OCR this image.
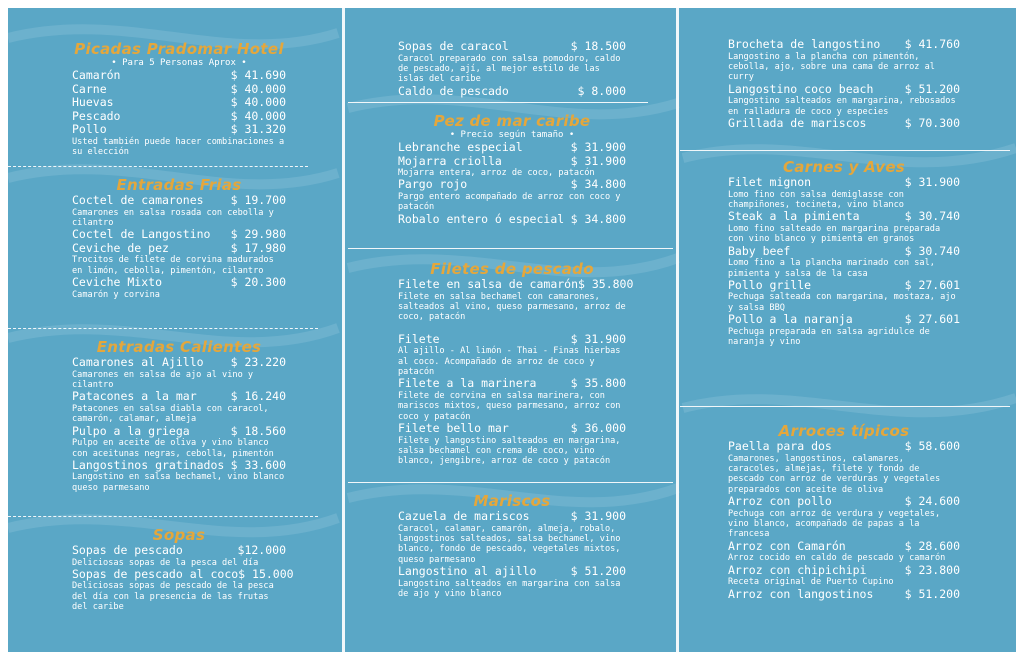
Picadas Pradomar Hotel
• Para 5 Personas Aprox •
Camarón	$ 41.690
Carne	$ 40.000
Huevas	$ 40.000
Pescado	$ 40.000
Pollo	$ 31.320
Usted también puede hacer combinaciones a su elección
Entradas Frias
Coctel de camarones $ 19.700
Camarones en salsa rosada con cebolla y cilantro
Coctel de Langostino $ 29.980
Ceviche de pez	$ 17.980
Trocitos de filete de corvina madurados en limón, cebolla, pimentón, cilantro
Ceviche Mixto	$ 20.300
Camarón y corvina
Entradas Calientes
Camarones al Ajillo $ 23.220
Camarones en salsa de ajo al vino y cilantro
Patacones a la mar	$ 16.240
Patacones en salsa diabla con caracol, camarón, calamar, almeja
Pulpo a la griega	$ 18.560
Pulpo en aceite de oliva y vino blanco con aceitunas negras, cebolla, pimentón
Langostinos gratinados $ 33.600
Langostino en salsa bechamel, vino blanco queso parmesano
Sopas
Sopas de pescado	$12.000
Deliciosas sopas de la pesca del día
Sopas de pescado al coco $ 15.000
Deliciosas sopas de pescado de la pesca del día con la presencia de las frutas del caribe
Sopas de caracol	$ 18.500
Caracol preparado con salsa pomodoro, caldo de pescado, ají, al mejor estilo de las islas del caribe
Caldo de pescado	$ 8.000
Pez de mar caribe
• Precio según tamaño •
Lebranche especial	$ 31.900
Mojarra criolla	$ 31.900
Mojarra entera, arroz de coco, patacón
Pargo rojo	$ 34.800
Pargo entero acompañado de arroz con coco y patacón
Robalo entero ó especial $ 34.800
Filetes de pescado
Filete en salsa de camarón $ 35.800
Filete en salsa bechamel con camarones, salteados al vino, queso parmesano, arroz de coco, patacón
Filete	$ 31.900
Al ajillo - Al limón - Thai - Finas hierbas al coco. Acompañado de arroz de coco y patacón
Filete a la marinera	$ 35.800
Filete de corvina en salsa marinera, con mariscos mixtos, queso parmesano, arroz con coco y patacón
Filete bello mar	$ 36.000
Filete y langostino salteados en margarina, salsa bechamel con crema de coco, vino blanco, jengibre, arroz de coco y patacón
Mariscos
Cazuela de mariscos	$ 31.900
Caracol, calamar, camarón, almeja, robalo, langostinos salteados, salsa bechamel, vino blanco, fondo de pescado, vegetales mixtos, queso parmesano
Langostino al ajillo	$ 51.200
Langostino salteados en margarina con salsa de ajo y vino blanco
Brocheta de langostino $ 41.760
Langostino a la plancha con pimentón, cebolla, ajo, sobre una cama de arroz al curry
Langostino coco beach	$ 51.200
Langostino salteados en margarina, rebosados en ralladura de coco y especies
Grillada de mariscos	$ 70.300
Carnes y Aves
Filet mignon	$ 31.900
Lomo fino con salsa demiglasse con champiñones, tocineta, vino blanco
Steak a la pimienta	$ 30.740
Lomo fino salteado en margarina preparada con vino blanco y pimienta en granos
Baby beef	$ 30.740
Lomo fino a la plancha marinado con sal, pimienta y salsa de la casa
Pollo grille	$ 27.601
Pechuga salteada con margarina, mostaza, ajo y salsa BBQ
Pollo a la naranja	$ 27.601
Pechuga preparada en salsa agridulce de naranja y vino
Arroces típicos
Paella para dos	$ 58.600
Camarones, langostinos, calamares, caracoles, almejas, filete y fondo de pescado con arroz de verduras y vegetales preparados con aceite de oliva
Arroz con pollo	$ 24.600
Pechuga con arroz de verdura y vegetales, vino blanco, acompañado de papas a la francesa
Arroz con Camarón	$ 28.600
Arroz cocido en caldo de pescado y camarón
Arroz con chipichipi	$ 23.800
Receta original de Puerto Cupino
Arroz con langostinos	$ 51.200
